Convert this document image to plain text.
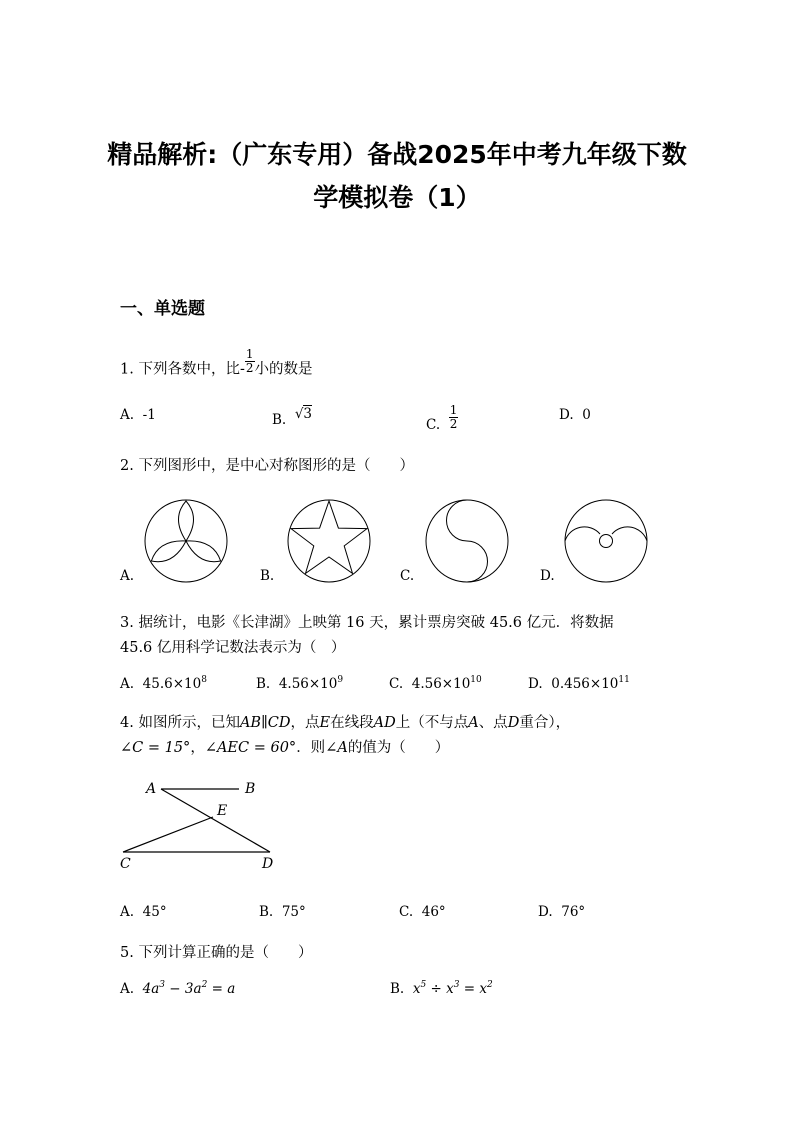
精品解析:（广东专用）备战2025年中考九年级下数
学模拟卷（1）
一、单选题
1. 下列各数中，比- $\frac{1}{2}$ 小的数是
A. -1	B. √3
C. $\frac{1}{2}$	D. 0
2. 下列图形中，是中心对称图形的是（　　）
A.	B.	C.	D.
3. 据统计，电影《长津湖》上映第 16 天，累计票房突破 45.6 亿元．将数据
45.6 亿用科学记数法表示为（　）
A. $45.6\times 10^8$	B. $4.56\times 10^9$	C. $4.56\times 10^{10}$	D. $0.456\times 10^{11}$
4. 如图所示，已知AB∥CD，点E在线段AD上（不与点A、点D重合），
∠C = 15°，∠AEC = 60°．则∠A的值为（　　）
A	B
E
C	D
A. 45°	B. 75°	C. 46°	D. 76°
5. 下列计算正确的是（　　）
A. $4a^3 - 3a^2 = a$	B. $x^5 \div x^3 = x^2$
